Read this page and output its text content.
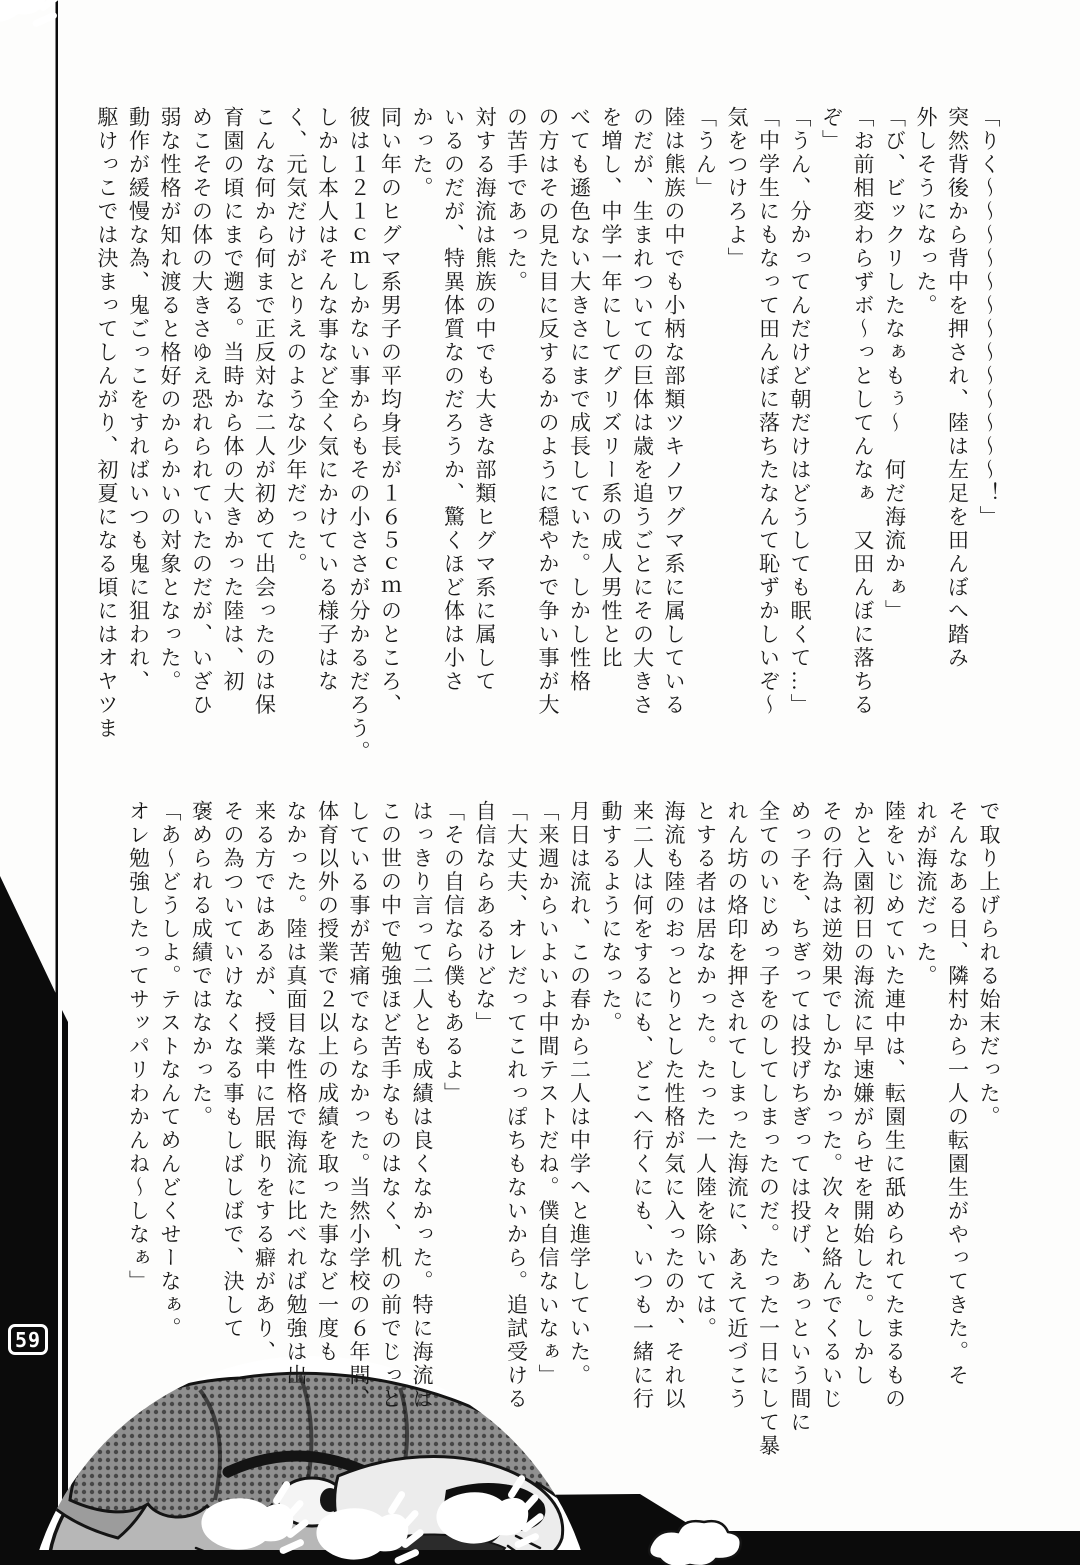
59
「りく〜〜〜〜〜〜〜〜〜〜〜〜〜！」
突然背後から背中を押され、陸は左足を田んぼへ踏み
外しそうになった。
「び、ビックリしたなぁもぅ〜　何だ海流かぁ」
「お前相変わらずボ〜っとしてんなぁ　又田んぼに落ちる
ぞ」
「うん、分かってんだけど朝だけはどうしても眠くて…」
「中学生にもなって田んぼに落ちたなんて恥ずかしいぞ〜
気をつけろよ」
「うん」
陸は熊族の中でも小柄な部類ツキノワグマ系に属している
のだが、生まれついての巨体は歳を追うごとにその大きさ
を増し、中学一年にしてグリズリー系の成人男性と比
べても遜色ない大きさにまで成長していた。しかし性格
の方はその見た目に反するかのように穏やかで争い事が大
の苦手であった。
対する海流は熊族の中でも大きな部類ヒグマ系に属して
いるのだが、特異体質なのだろうか、驚くほど体は小さ
かった。
同い年のヒグマ系男子の平均身長が１６５ｃｍのところ、
彼は１２１ｃｍしかない事からもその小ささが分かるだろう。
しかし本人はそんな事など全く気にかけている様子はな
く、元気だけがとりえのような少年だった。
こんな何から何まで正反対な二人が初めて出会ったのは保
育園の頃にまで遡る。当時から体の大きかった陸は、初
めこそその体の大きさゆえ恐れられていたのだが、いざひ
弱な性格が知れ渡ると格好のからかいの対象となった。
動作が緩慢な為、鬼ごっこをすればいつも鬼に狙われ、
駆けっこでは決まってしんがり、初夏になる頃にはオヤツま
で取り上げられる始末だった。
そんなある日、隣村から一人の転園生がやってきた。そ
れが海流だった。
陸をいじめていた連中は、転園生に舐められてたまるもの
かと入園初日の海流に早速嫌がらせを開始した。しかし
その行為は逆効果でしかなかった。次々と絡んでくるいじ
めっ子を、ちぎっては投げちぎっては投げ、あっという間に
全てのいじめっ子をのしてしまったのだ。たった一日にして暴
れん坊の烙印を押されてしまった海流に、あえて近づこう
とする者は居なかった。たった一人陸を除いては。
海流も陸のおっとりとした性格が気に入ったのか、それ以
来二人は何をするにも、どこへ行くにも、いつも一緒に行
動するようになった。
月日は流れ、この春から二人は中学へと進学していた。
「来週からいよいよ中間テストだね。僕自信ないなぁ」
「大丈夫、オレだってこれっぽちもないから。追試受ける
自信ならあるけどな」
「その自信なら僕もあるよ」
はっきり言って二人とも成績は良くなかった。特に海流は
この世の中で勉強ほど苦手なものはなく、机の前でじっと
している事が苦痛でならなかった。当然小学校の６年間、
体育以外の授業で２以上の成績を取った事など一度も
なかった。陸は真面目な性格で海流に比べれば勉強は出
来る方ではあるが、授業中に居眠りをする癖があり、
その為ついていけなくなる事もしばしばで、決して
褒められる成績ではなかった。
「あ〜どうしよ。テストなんてめんどくせーなぁ。
オレ勉強したってサッパリわかんね〜しなぁ」
